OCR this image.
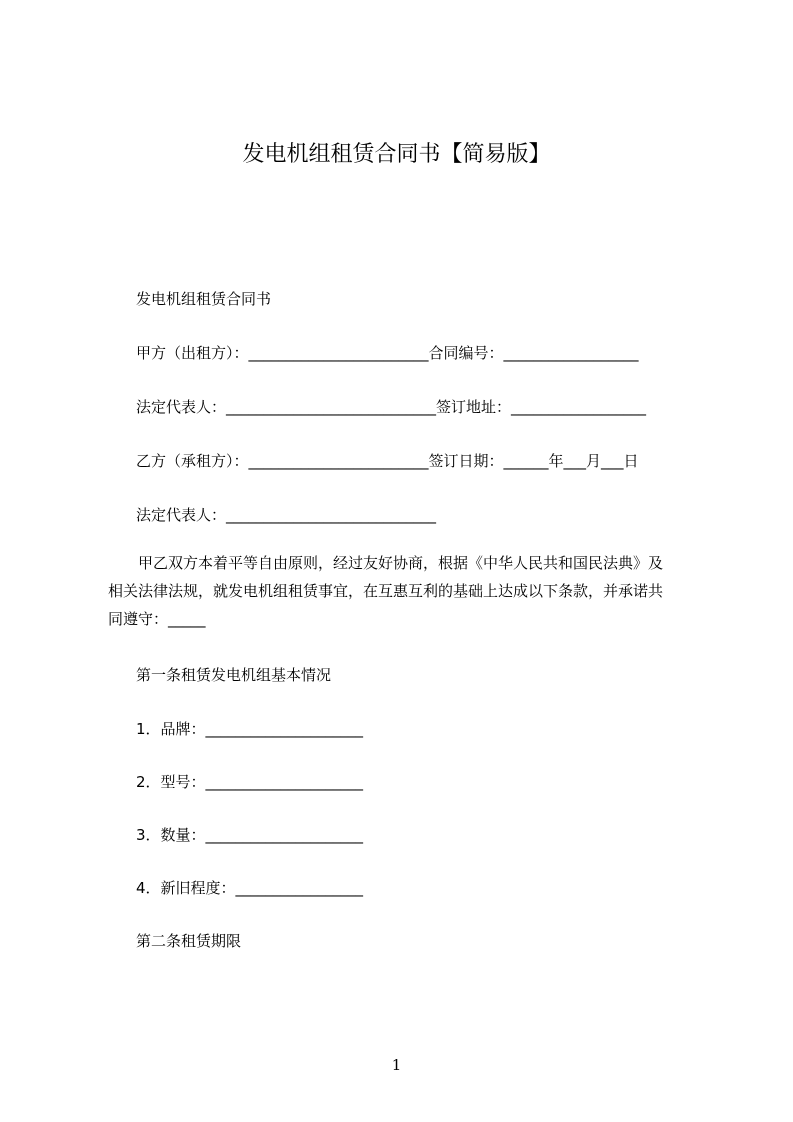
发电机组租赁合同书【简易版】
发电机组租赁合同书
甲方（出租方）：________________________合同编号：__________________
法定代表人：____________________________签订地址：__________________
乙方（承租方）：________________________签订日期：______年___月___日
法定代表人：____________________________
甲乙双方本着平等自由原则，经过友好协商，根据《中华人民共和国民法典》及
相关法律法规，就发电机组租赁事宜，在互惠互利的基础上达成以下条款，并承诺共
同遵守：_____
第一条租赁发电机组基本情况
1．品牌：_____________________
2．型号：_____________________
3．数量：_____________________
4．新旧程度：_________________
第二条租赁期限
1
